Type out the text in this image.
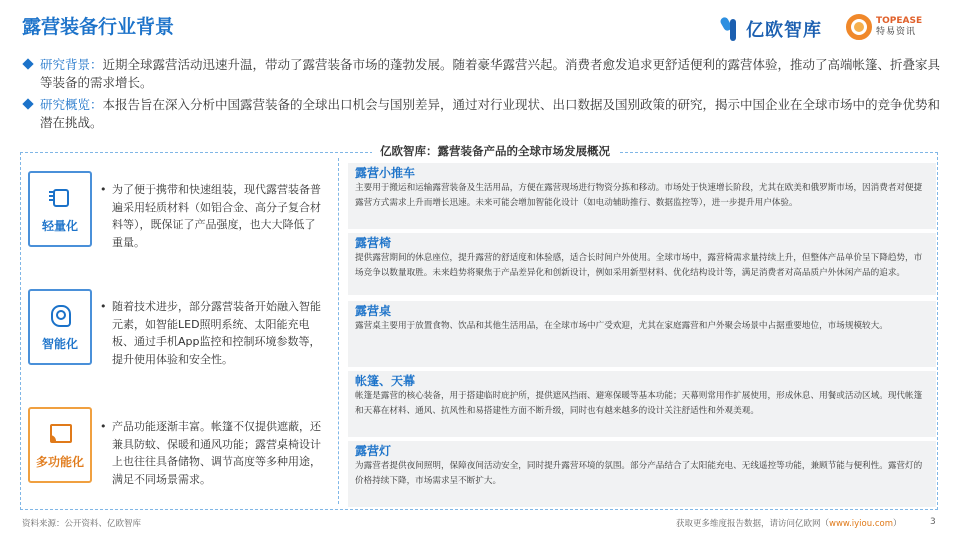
露营装备行业背景	亿欧智库	TOPEASE
特易资讯
研究背景：近期全球露营活动迅速升温，带动了露营装备市场的蓬勃发展。随着豪华露营兴起。消费者愈发追求更舒适便利的露营体验，推动了高端帐篷、折叠家具等装备的需求增长。
研究概览：本报告旨在深入分析中国露营装备的全球出口机会与国别差异，通过对行业现状、出口数据及国别政策的研究，揭示中国企业在全球市场中的竞争优势和潜在挑战。
轻量化
• 为了便于携带和快速组装，现代露营装备普遍采用轻质材料（如铝合金、高分子复合材料等），既保证了产品强度，也大大降低了重量。
智能化
• 随着技术进步，部分露营装备开始融入智能元素，如智能LED照明系统、太阳能充电板、通过手机App监控和控制环境参数等，提升使用体验和安全性。
多功能化
• 产品功能逐渐丰富。帐篷不仅提供遮蔽，还兼具防蚊、保暖和通风功能；露营桌椅设计上也往往具备储物、调节高度等多种用途，满足不同场景需求。
亿欧智库：露营装备产品的全球市场发展概况
露营小推车
主要用于搬运和运输露营装备及生活用品，方便在露营现场进行物资分拣和移动。市场处于快速增长阶段，尤其在欧美和俄罗斯市场，因消费者对便捷露营方式需求上升而增长迅速。未来可能会增加智能化设计（如电动辅助推行、数据监控等），进一步提升用户体验。
露营椅
提供露营期间的休息座位，提升露营的舒适度和体验感，适合长时间户外使用。全球市场中，露营椅需求量持续上升，但整体产品单价呈下降趋势，市场竞争以数量取胜。未来趋势将聚焦于产品差异化和创新设计，例如采用新型材料、优化结构设计等，满足消费者对高品质户外休闲产品的追求。
露营桌
露营桌主要用于放置食物、饮品和其他生活用品，在全球市场中广受欢迎，尤其在家庭露营和户外聚会场景中占据重要地位，市场规模较大。
帐篷、天幕
帐篷是露营的核心装备，用于搭建临时庇护所，提供遮风挡雨、避寒保暖等基本功能；天幕则常用作扩展使用，形成休息、用餐或活动区域。现代帐篷和天幕在材料、通风、抗风性和易搭建性方面不断升级，同时也有越来越多的设计关注舒适性和外观美观。
露营灯
为露营者提供夜间照明，保障夜间活动安全，同时提升露营环境的氛围。部分产品结合了太阳能充电、无线遥控等功能，兼顾节能与便利性。露营灯的价格持续下降，市场需求呈不断扩大。
资料来源：公开资料、亿欧智库	获取更多维度报告数据，请访问亿欧网（www.iyiou.com）	3
